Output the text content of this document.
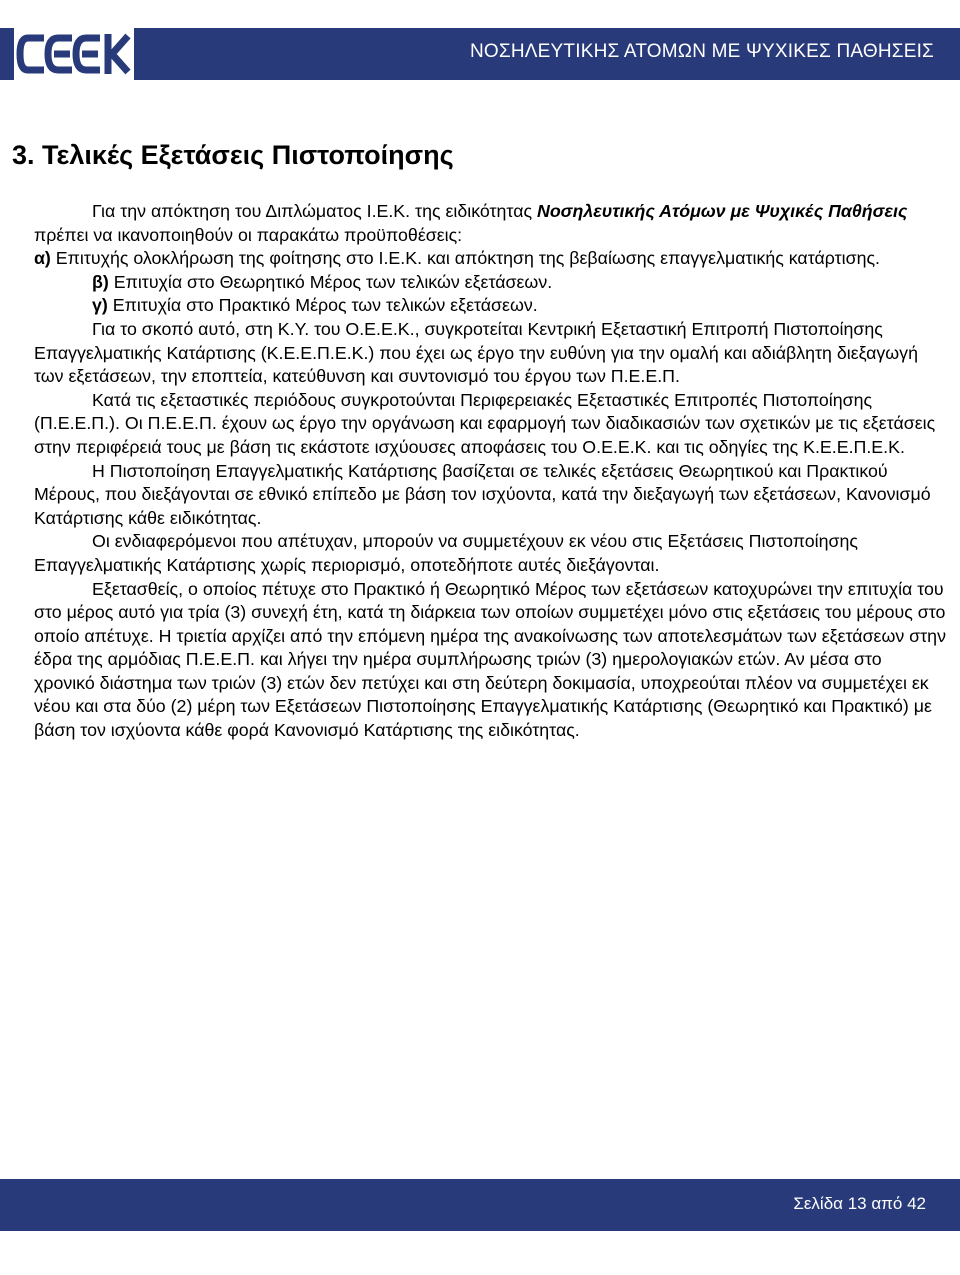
ΝΟΣΗΛΕΥΤΙΚΗΣ ΑΤΟΜΩΝ ΜΕ ΨΥΧΙΚΕΣ ΠΑΘΗΣΕΙΣ
3. Τελικές Εξετάσεις Πιστοποίησης

Για την απόκτηση του Διπλώματος Ι.Ε.Κ. της ειδικότητας Νοσηλευτικής Ατόμων με Ψυχικές Παθήσεις πρέπει να ικανοποιηθούν οι παρακάτω προϋποθέσεις:

α) Επιτυχής ολοκλήρωση της φοίτησης στο Ι.Ε.Κ. και απόκτηση της βεβαίωσης επαγγελματικής κατάρτισης.

β) Επιτυχία στο Θεωρητικό Μέρος των τελικών εξετάσεων.

γ) Επιτυχία στο Πρακτικό Μέρος των τελικών εξετάσεων.

Για το σκοπό αυτό, στη Κ.Υ. του Ο.Ε.Ε.Κ., συγκροτείται Κεντρική Εξεταστική Επιτροπή Πιστοποίησης Επαγγελματικής Κατάρτισης (Κ.Ε.Ε.Π.Ε.Κ.) που έχει ως έργο την ευθύνη για την ομαλή και αδιάβλητη διεξαγωγή των εξετάσεων, την εποπτεία, κατεύθυνση και συντονισμό του έργου των Π.Ε.Ε.Π.

Κατά τις εξεταστικές περιόδους συγκροτούνται Περιφερειακές Εξεταστικές Επιτροπές Πιστοποίησης (Π.Ε.Ε.Π.). Οι Π.Ε.Ε.Π. έχουν ως έργο την οργάνωση και εφαρμογή των διαδικασιών των σχετικών με τις εξετάσεις στην περιφέρειά τους με βάση τις εκάστοτε ισχύουσες αποφάσεις του Ο.Ε.Ε.Κ. και τις οδηγίες της Κ.Ε.Ε.Π.Ε.Κ.

Η Πιστοποίηση Επαγγελματικής Κατάρτισης βασίζεται σε τελικές εξετάσεις Θεωρητικού και Πρακτικού Μέρους, που διεξάγονται σε εθνικό επίπεδο με βάση τον ισχύοντα, κατά την διεξαγωγή των εξετάσεων, Κανονισμό Κατάρτισης κάθε ειδικότητας.

Οι ενδιαφερόμενοι που απέτυχαν, μπορούν να συμμετέχουν εκ νέου στις Εξετάσεις Πιστοποίησης Επαγγελματικής Κατάρτισης χωρίς περιορισμό, οποτεδήποτε αυτές διεξάγονται.

Εξετασθείς, ο οποίος πέτυχε στο Πρακτικό ή Θεωρητικό Μέρος των εξετάσεων κατοχυρώνει την επιτυχία του στο μέρος αυτό για τρία (3) συνεχή έτη, κατά τη διάρκεια των οποίων συμμετέχει μόνο στις εξετάσεις του μέρους στο οποίο απέτυχε. Η τριετία αρχίζει από την επόμενη ημέρα της ανακοίνωσης των αποτελεσμάτων των εξετάσεων στην έδρα της αρμόδιας Π.Ε.Ε.Π. και λήγει την ημέρα συμπλήρωσης τριών (3) ημερολογιακών ετών. Αν μέσα στο χρονικό διάστημα των τριών (3) ετών δεν πετύχει και στη δεύτερη δοκιμασία, υποχρεούται πλέον να συμμετέχει εκ νέου και στα δύο (2) μέρη των Εξετάσεων Πιστοποίησης Επαγγελματικής Κατάρτισης (Θεωρητικό και Πρακτικό) με βάση τον ισχύοντα κάθε φορά Κανονισμό Κατάρτισης της ειδικότητας.

Σελίδα 13 από 42
